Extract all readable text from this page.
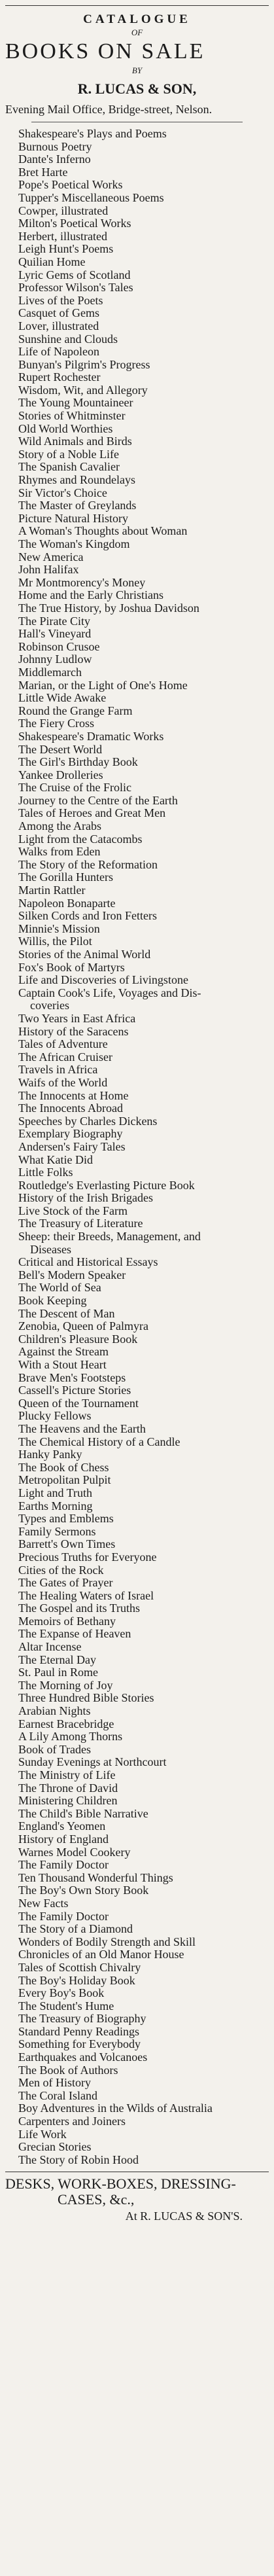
CATALOGUE
OF
BOOKS ON SALE
BY
R. LUCAS & SON,
Evening Mail Office, Bridge-street, Nelson.
Shakespeare's Plays and Poems
Burnous Poetry
Dante's Inferno
Bret Harte
Pope's Poetical Works
Tupper's Miscellaneous Poems
Cowper, illustrated
Milton's Poetical Works
Herbert, illustrated
Leigh Hunt's Poems
Quilian Home
Lyric Gems of Scotland
Professor Wilson's Tales
Lives of the Poets
Casquet of Gems
Lover, illustrated
Sunshine and Clouds
Life of Napoleon
Bunyan's Pilgrim's Progress
Rupert Rochester
Wisdom, Wit, and Allegory
The Young Mountaineer
Stories of Whitminster
Old World Worthies
Wild Animals and Birds
Story of a Noble Life
The Spanish Cavalier
Rhymes and Roundelays
Sir Victor's Choice
The Master of Greylands
Picture Natural History
A Woman's Thoughts about Woman
The Woman's Kingdom
New America
John Halifax
Mr Montmorency's Money
Home and the Early Christians
The True History, by Joshua Davidson
The Pirate City
Hall's Vineyard
Robinson Crusoe
Johnny Ludlow
Middlemarch
Marian, or the Light of One's Home
Little Wide Awake
Round the Grange Farm
The Fiery Cross
Shakespeare's Dramatic Works
The Desert World
The Girl's Birthday Book
Yankee Drolleries
The Cruise of the Frolic
Journey to the Centre of the Earth
Tales of Heroes and Great Men
Among the Arabs
Light from the Catacombs
Walks from Eden
The Story of the Reformation
The Gorilla Hunters
Martin Rattler
Napoleon Bonaparte
Silken Cords and Iron Fetters
Minnie's Mission
Willis, the Pilot
Stories of the Animal World
Fox's Book of Martyrs
Life and Discoveries of Livingstone
Captain Cook's Life, Voyages and Dis-
coveries
Two Years in East Africa
History of the Saracens
Tales of Adventure
The African Cruiser
Travels in Africa
Waifs of the World
The Innocents at Home
The Innocents Abroad
Speeches by Charles Dickens
Exemplary Biography
Andersen's Fairy Tales
What Katie Did
Little Folks
Routledge's Everlasting Picture Book
History of the Irish Brigades
Live Stock of the Farm
The Treasury of Literature
Sheep: their Breeds, Management, and
Diseases
Critical and Historical Essays
Bell's Modern Speaker
The World of Sea
Book Keeping
The Descent of Man
Zenobia, Queen of Palmyra
Children's Pleasure Book
Against the Stream
With a Stout Heart
Brave Men's Footsteps
Cassell's Picture Stories
Queen of the Tournament
Plucky Fellows
The Heavens and the Earth
The Chemical History of a Candle
Hanky Panky
The Book of Chess
Metropolitan Pulpit
Light and Truth
Earths Morning
Types and Emblems
Family Sermons
Barrett's Own Times
Precious Truths for Everyone
Cities of the Rock
The Gates of Prayer
The Healing Waters of Israel
The Gospel and its Truths
Memoirs of Bethany
The Expanse of Heaven
Altar Incense
The Eternal Day
St. Paul in Rome
The Morning of Joy
Three Hundred Bible Stories
Arabian Nights
Earnest Bracebridge
A Lily Among Thorns
Book of Trades
Sunday Evenings at Northcourt
The Ministry of Life
The Throne of David
Ministering Children
The Child's Bible Narrative
England's Yeomen
History of England
Warnes Model Cookery
The Family Doctor
Ten Thousand Wonderful Things
The Boy's Own Story Book
New Facts
The Family Doctor
The Story of a Diamond
Wonders of Bodily Strength and Skill
Chronicles of an Old Manor House
Tales of Scottish Chivalry
The Boy's Holiday Book
Every Boy's Book
The Student's Hume
The Treasury of Biography
Standard Penny Readings
Something for Everybody
Earthquakes and Volcanoes
The Book of Authors
Men of History
The Coral Island
Boy Adventures in the Wilds of Australia
Carpenters and Joiners
Life Work
Grecian Stories
The Story of Robin Hood
DESKS, WORK-BOXES, DRESSING-
CASES, &c.,
At R. LUCAS & SON'S.
